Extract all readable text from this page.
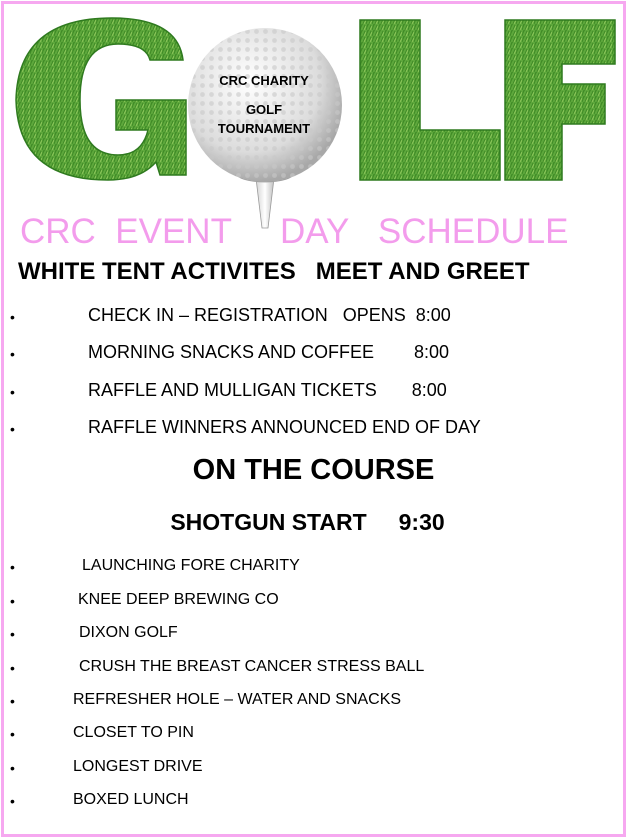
CRC CHARITY
GOLF
TOURNAMENT
CRC  EVENT     DAY   SCHEDULE
WHITE TENT ACTIVITES   MEET AND GREET
•	CHECK IN – REGISTRATION   OPENS  8:00
•	MORNING SNACKS AND COFFEE        8:00
•	RAFFLE AND MULLIGAN TICKETS       8:00
•	RAFFLE WINNERS ANNOUNCED END OF DAY
ON THE COURSE
SHOTGUN START     9:30
•	LAUNCHING FORE CHARITY
•	KNEE DEEP BREWING CO
•	DIXON GOLF
•	CRUSH THE BREAST CANCER STRESS BALL
•	REFRESHER HOLE – WATER AND SNACKS
•	CLOSET TO PIN
•	LONGEST DRIVE
•	BOXED LUNCH
